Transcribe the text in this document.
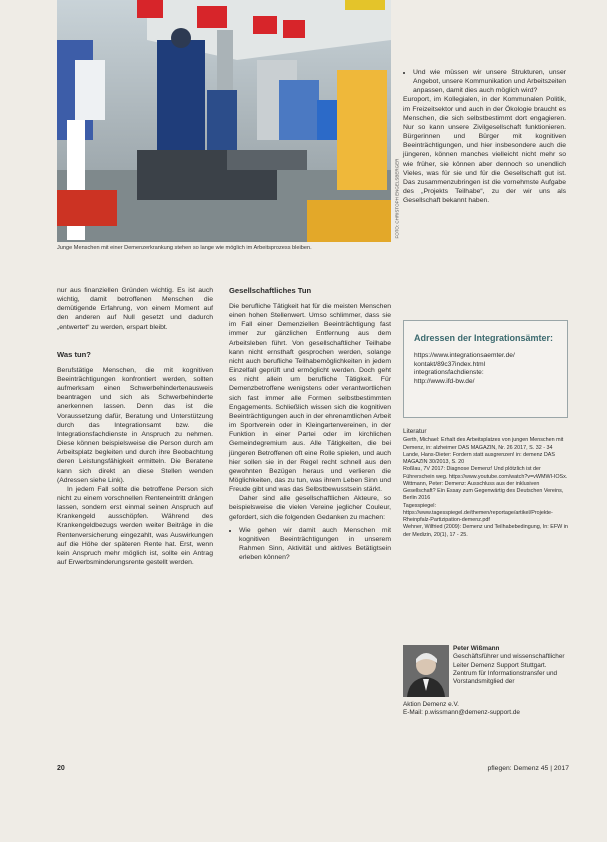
FOTO: CHRISTOPH ENGELSBERGER
Junge Menschen mit einer Demenzerkrankung stehen so lange wie möglich im Arbeitsprozess bleiben.

nur aus finanziellen Gründen wichtig. Es ist auch wichtig, damit betroffenen Menschen die demütigende Erfahrung, von einem Moment auf den anderen auf Null gesetzt und dadurch „entwertet“ zu werden, erspart bleibt.

Was tun?

Berufstätige Menschen, die mit kognitiven Beeinträchtigungen konfrontiert werden, sollten aufmerksam einen Schwerbehindertenausweis beantragen und sich als Schwerbehinderte anerkennen lassen. Denn das ist die Voraussetzung dafür, Beratung und Unterstützung durch das Integrationsamt bzw. die Integrationsfachdienste in Anspruch zu nehmen. Diese können beispielsweise die Person durch am Arbeitsplatz begleiten und durch ihre Beobachtung deren Leistungsfähigkeit ermitteln. Die Beratene kann sich direkt an diese Stellen wenden (Adressen siehe Link).

In jedem Fall sollte die betroffene Person sich nicht zu einem vorschnellen Renteneintritt drängen lassen, sondern erst einmal seinen Anspruch auf Krankengeld ausschöpfen. Während des Krankengeldbezugs werden weiter Beiträge in die Rentenversicherung eingezahlt, was Auswirkungen auf die Höhe der späteren Rente hat. Erst, wenn kein Anspruch mehr möglich ist, sollte ein Antrag auf Erwerbsminderungsrente gestellt werden.

Gesellschaftliches Tun

Die berufliche Tätigkeit hat für die meisten Menschen einen hohen Stellenwert. Umso schlimmer, dass sie im Fall einer Demenziellen Beeinträchtigung fast immer zur gänzlichen Entfernung aus dem Arbeitsleben führt. Von gesellschaftlicher Teilhabe kann nicht ernsthaft gesprochen werden, solange nicht auch berufliche Teilhabemöglichkeiten in jedem Einzelfall geprüft und ermöglicht werden. Doch geht es nicht allein um berufliche Tätigkeit. Für Demenzbetroffene wenigstens oder verantwortlichen sich fast immer alle Formen selbstbestimmten Engagements. Schließlich wissen sich die kognitiven Beeinträchtigungen auch in der ehrenamtlichen Arbeit im Sportverein oder in Kleingartenvereinen, in der Funktion in einer Partei oder im kirchlichen Gemeindegremium aus. Alle Tätigkeiten, die bei jüngeren Betroffenen oft eine Rolle spielen, und auch hier sollen sie in der Regel recht schnell aus den gewohnten Bezügen heraus und verlieren die Möglichkeiten, das zu tun, was ihrem Leben Sinn und Freude gibt und was das Selbstbewusstsein stärkt.

Daher sind alle gesellschaftlichen Akteure, so beispielsweise die vielen Vereine jeglicher Couleur, gefordert, sich die folgenden Gedanken zu machen:

• Wie gehen wir damit auch Menschen mit kognitiven Beeinträchtigungen in unserem Rahmen Sinn, Aktivität und aktives Betätigtsein erleben können?
• Und wie müssen wir unsere Strukturen, unser Angebot, unsere Kommunikation und Arbeitszeiten anpassen, damit dies auch möglich wird?

Europort, im Kollegialen, in der Kommunalen Politik, im Freizeitsektor und auch in der Ökologie braucht es Menschen, die sich selbstbestimmt dort engagieren. Nur so kann unsere Zivilgesellschaft funktionieren. Bürgerinnen und Bürger mit kognitiven Beeinträchtigungen, und hier insbesondere auch die jüngeren, können manches vielleicht nicht mehr so wie früher, sie können aber dennoch so unendlich Vieles, was für sie und für die Gesellschaft gut ist. Das zusammenzubringen ist die vornehmste Aufgabe des „Projekts Teilhabe“, zu der wir uns als Gesellschaft bekannt haben.

Adressen der Integrationsämter:
https://www.integrationsaemter.de/
kontakt/89c37index.html
integrationsfachdienste:
http://www.ifd-bw.de/
Literatur

Gerth, Michael: Erhalt des Arbeitsplatzes von jungen Menschen mit Demenz, in: alzheimer DAS MAGAZIN, Nr. 26 2017, S. 32 - 34

Lande, Hans-Dieter: Fordern statt ausgrenzen! in: demenz DAS MAGAZIN 30/2013, S. 20

Roßlau, 7V 2017: Diagnose Demenz! Und plötzlich ist der Führerschein weg. https://www.youtube.com/watch?v=vWMWI-IOSx. Wittmann, Peter: Demenz: Ausschluss aus der inklusiven Gesellschaft? Ein Essay zum Gegenwärtig des Deutschen Vereins, Berlin 2016

Tagesspiegel: https://www.tagesspiegel.de/themen/reportage/artikel/Projekte-Rheinpfalz-Partizipation-demenz.pdf

Wehner, Wilfried (2009): Demenz und Teilhabebedingung, In: EFW in der Medizin, 20(1), 17 - 25.

Peter Wißmann
Geschäftsführer und wissenschaftlicher Leiter Demenz Support Stuttgart. Zentrum für Informationstransfer und Vorstandsmitglied der
Aktion Demenz e.V.
E-Mail: p.wissmann@demenz-support.de
20	pflegen: Demenz 45 | 2017
